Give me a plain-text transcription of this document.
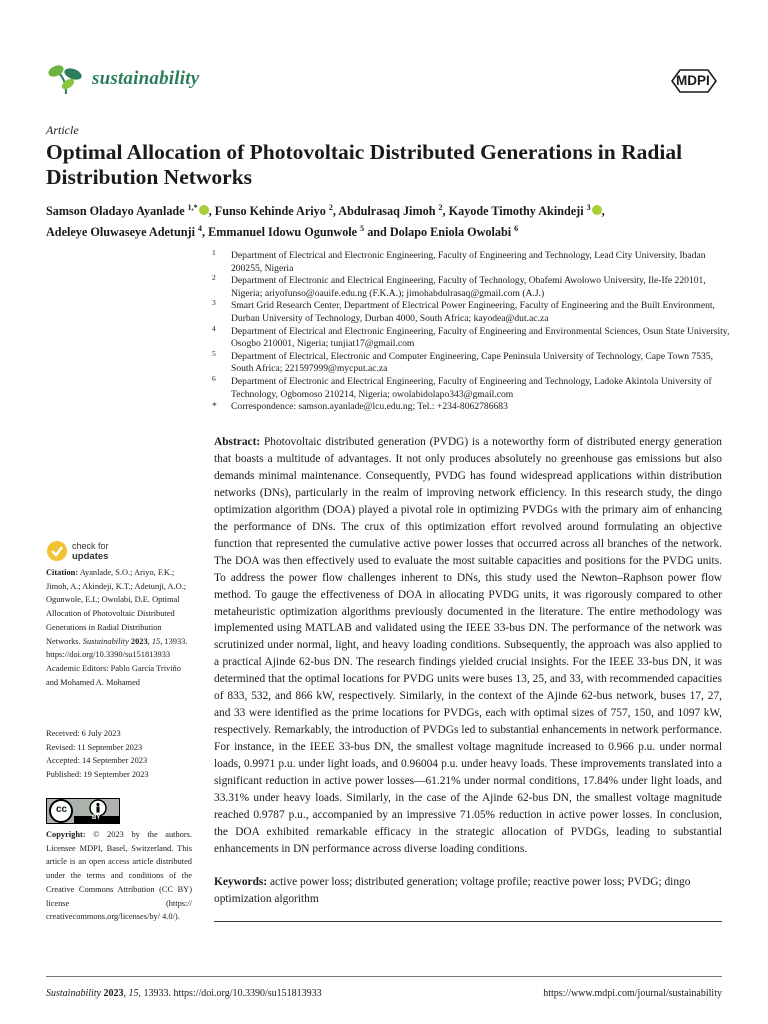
sustainability	MDPI
Article
Optimal Allocation of Photovoltaic Distributed Generations in Radial Distribution Networks
Samson Oladayo Ayanlade $^{1,*}$ , Funso Kehinde Ariyo $^2$, Abdulrasaq Jimoh $^2$, Kayode Timothy Akindeji $^3$ ,
Adeleye Oluwaseye Adetunji $^4$, Emmanuel Idowu Ogunwole $^5$ and Dolapo Eniola Owolabi $^6$
1 Department of Electrical and Electronic Engineering, Faculty of Engineering and Technology, Lead City University, Ibadan 200255, Nigeria
2 Department of Electronic and Electrical Engineering, Faculty of Technology, Obafemi Awolowo University, Ile-Ife 220101, Nigeria; ariyofunso@oauife.edu.ng (F.K.A.); jimohabdulrasaq@gmail.com (A.J.)
3 Smart Grid Research Center, Department of Electrical Power Engineering, Faculty of Engineering and the Built Environment, Durban University of Technology, Durban 4000, South Africa; kayodea@dut.ac.za
4 Department of Electrical and Electronic Engineering, Faculty of Engineering and Environmental Sciences, Osun State University, Osogbo 210001, Nigeria; tunjiat17@gmail.com
5 Department of Electrical, Electronic and Computer Engineering, Cape Peninsula University of Technology, Cape Town 7535, South Africa; 221597999@mycput.ac.za
6 Department of Electronic and Electrical Engineering, Faculty of Engineering and Technology, Ladoke Akintola University of Technology, Ogbomoso 210214, Nigeria; owolabidolapo343@gmail.com
* Correspondence: samson.ayanlade@lcu.edu.ng; Tel.: +234-8062786683
Abstract: Photovoltaic distributed generation (PVDG) is a noteworthy form of distributed energy generation that boasts a multitude of advantages. It not only produces absolutely no greenhouse gas emissions but also demands minimal maintenance. Consequently, PVDG has found widespread applications within distribution networks (DNs), particularly in the realm of improving network efficiency. In this research study, the dingo optimization algorithm (DOA) played a pivotal role in optimizing PVDGs with the primary aim of enhancing the performance of DNs. The crux of this optimization effort revolved around formulating an objective function that represented the cumulative active power losses that occurred across all branches of the network. The DOA was then effectively used to evaluate the most suitable capacities and positions for the PVDG units. To address the power flow challenges inherent to DNs, this study used the Newton–Raphson power flow method. To gauge the effectiveness of DOA in allocating PVDG units, it was rigorously compared to other metaheuristic optimization algorithms previously documented in the literature. The entire methodology was implemented using MATLAB and validated using the IEEE 33-bus DN. The performance of the network was scrutinized under normal, light, and heavy loading conditions. Subsequently, the approach was also applied to a practical Ajinde 62-bus DN. The research findings yielded crucial insights. For the IEEE 33-bus DN, it was determined that the optimal locations for PVDG units were buses 13, 25, and 33, with recommended capacities of 833, 532, and 866 kW, respectively. Similarly, in the context of the Ajinde 62-bus network, buses 17, 27, and 33 were identified as the prime locations for PVDGs, each with optimal sizes of 757, 150, and 1097 kW, respectively. Remarkably, the introduction of PVDGs led to substantial enhancements in network performance. For instance, in the IEEE 33-bus DN, the smallest voltage magnitude increased to 0.966 p.u. under normal loads, 0.9971 p.u. under light loads, and 0.96004 p.u. under heavy loads. These improvements translated into a significant reduction in active power losses—61.21% under normal conditions, 17.84% under light loads, and 33.31% under heavy loads. Similarly, in the case of the Ajinde 62-bus DN, the smallest voltage magnitude reached 0.9787 p.u., accompanied by an impressive 71.05% reduction in active power losses. In conclusion, the DOA exhibited remarkable efficacy in the strategic allocation of PVDGs, leading to substantial enhancements in DN performance across diverse loading conditions.
Keywords: active power loss; distributed generation; voltage profile; reactive power loss; PVDG; dingo optimization algorithm
check for
updates
Citation: Ayanlade, S.O.; Ariyo, F.K.; Jimoh, A.; Akindeji, K.T.; Adetunji, A.O.; Ogunwole, E.I.; Owolabi, D.E. Optimal Allocation of Photovoltaic Distributed Generations in Radial Distribution Networks. Sustainability 2023, 15, 13933. https://doi.org/10.3390/su151813933
Academic Editors: Pablo García Triviño and Mohamed A. Mohamed
Received: 6 July 2023
Revised: 11 September 2023
Accepted: 14 September 2023
Published: 19 September 2023
cc
BY
Copyright: © 2023 by the authors. Licensee MDPI, Basel, Switzerland. This article is an open access article distributed under the terms and conditions of the Creative Commons Attribution (CC BY) license (https:// creativecommons.org/licenses/by/ 4.0/).
Sustainability 2023, 15, 13933. https://doi.org/10.3390/su151813933	https://www.mdpi.com/journal/sustainability
